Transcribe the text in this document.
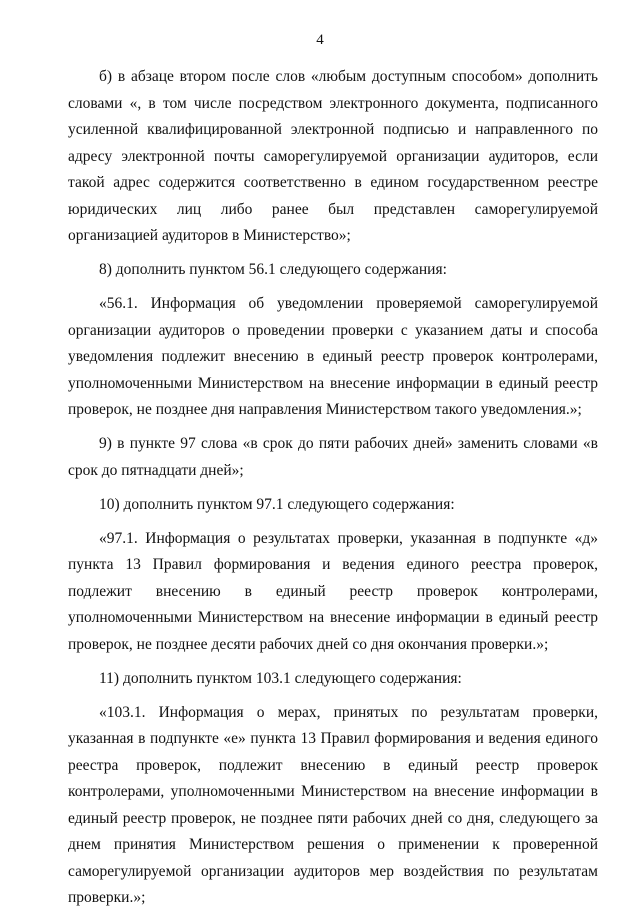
4

б) в абзаце втором после слов «любым доступным способом» дополнить словами «, в том числе посредством электронного документа, подписанного усиленной квалифицированной электронной подписью и направленного по адресу электронной почты саморегулируемой организации аудиторов, если такой адрес содержится соответственно в едином государственном реестре юридических лиц либо ранее был представлен саморегулируемой организацией аудиторов в Министерство»;

8) дополнить пунктом 56.1 следующего содержания:

«56.1. Информация об уведомлении проверяемой саморегулируемой организации аудиторов о проведении проверки с указанием даты и способа уведомления подлежит внесению в единый реестр проверок контролерами, уполномоченными Министерством на внесение информации в единый реестр проверок, не позднее дня направления Министерством такого уведомления.»;

9) в пункте 97 слова «в срок до пяти рабочих дней» заменить словами «в срок до пятнадцати дней»;

10) дополнить пунктом 97.1 следующего содержания:

«97.1. Информация о результатах проверки, указанная в подпункте «д» пункта 13 Правил формирования и ведения единого реестра проверок, подлежит внесению в единый реестр проверок контролерами, уполномоченными Министерством на внесение информации в единый реестр проверок, не позднее десяти рабочих дней со дня окончания проверки.»;

11) дополнить пунктом 103.1 следующего содержания:

«103.1. Информация о мерах, принятых по результатам проверки, указанная в подпункте «е» пункта 13 Правил формирования и ведения единого реестра проверок, подлежит внесению в единый реестр проверок контролерами, уполномоченными Министерством на внесение информации в единый реестр проверок, не позднее пяти рабочих дней со дня, следующего за днем принятия Министерством решения о применении к проверенной саморегулируемой организации аудиторов мер воздействия по результатам проверки.»;
